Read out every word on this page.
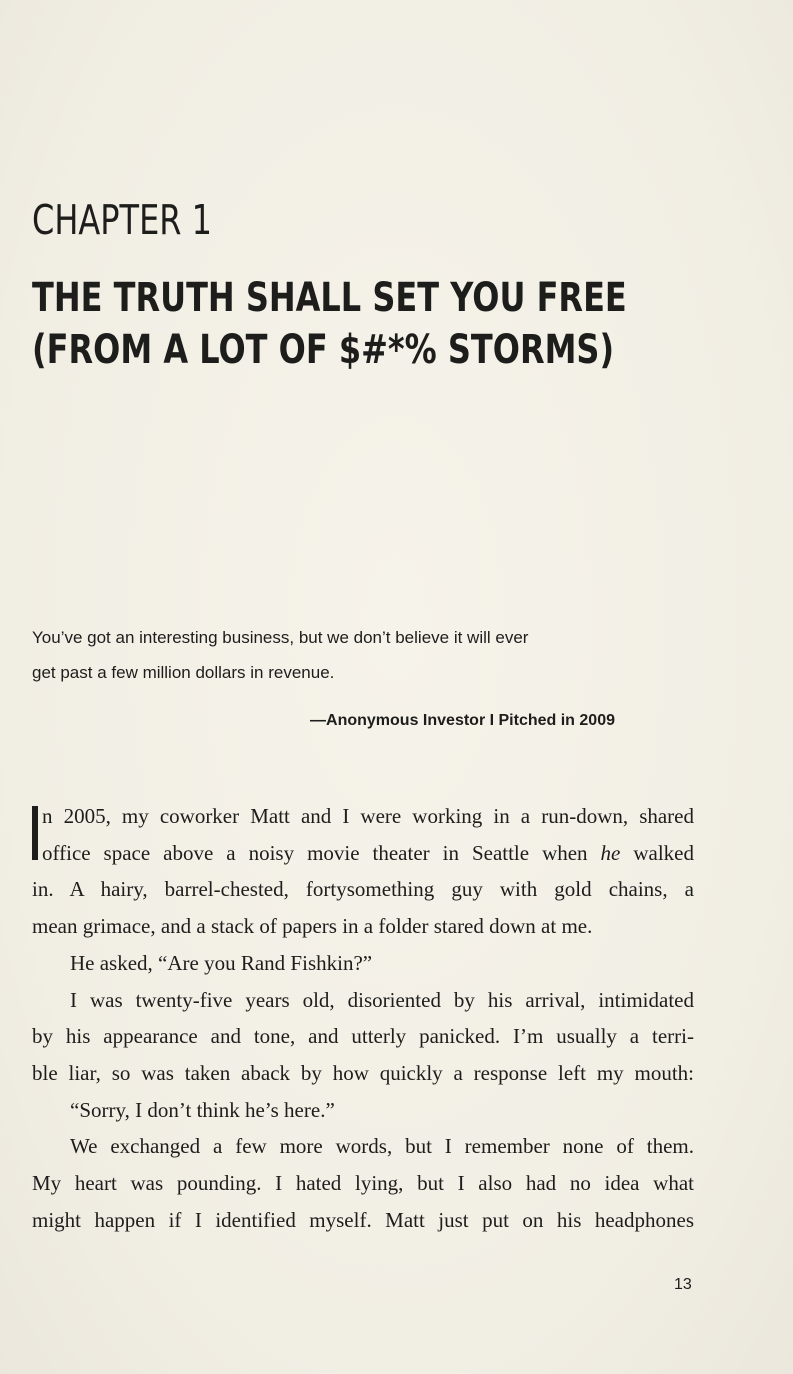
CHAPTER 1
THE TRUTH SHALL SET YOU FREE
(FROM A LOT OF $#*% STORMS)

You’ve got an interesting business, but we don’t believe it will ever

get past a few million dollars in revenue.

—Anonymous Investor I Pitched in 2009
n 2005, my coworker Matt and I were working in a run-down, shared
office space above a noisy movie theater in Seattle when he walked
in. A hairy, barrel-chested, fortysomething guy with gold chains, a
mean grimace, and a stack of papers in a folder stared down at me.
He asked, “Are you Rand Fishkin?”
I was twenty-five years old, disoriented by his arrival, intimidated
by his appearance and tone, and utterly panicked. I’m usually a terri-
ble liar, so was taken aback by how quickly a response left my mouth:
“Sorry, I don’t think he’s here.”
We exchanged a few more words, but I remember none of them.
My heart was pounding. I hated lying, but I also had no idea what
might happen if I identified myself. Matt just put on his headphones
13
